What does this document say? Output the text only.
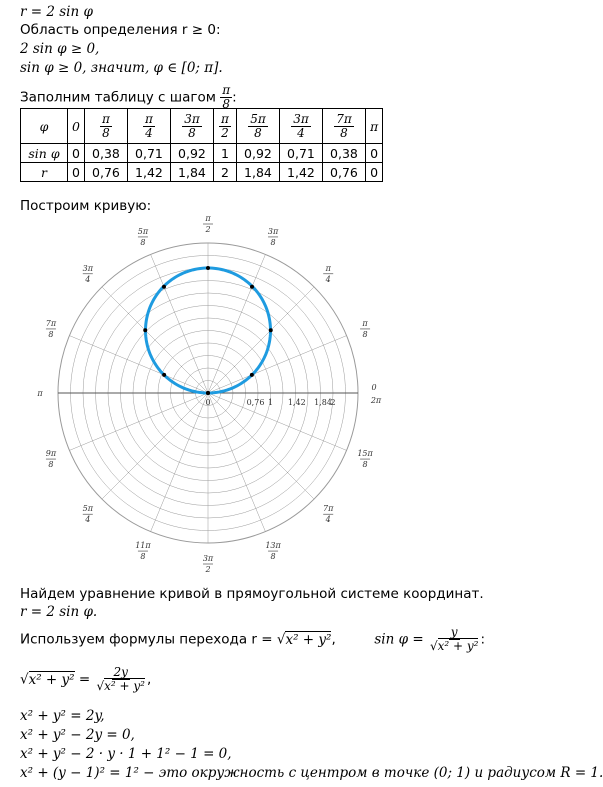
r = 2 sin φ
Область определения r ≥ 0:
2 sin φ ≥ 0,
sin φ ≥ 0, значит, φ ∈ [0; π].
Заполним таблицу с шагом $\frac{\pi}{8}$ :
φ	0	$\frac{\pi}{8}$	$\frac{\pi}{4}$	$\frac{3\pi}{8}$	$\frac{\pi}{2}$	$\frac{5\pi}{8}$	$\frac{3\pi}{4}$	$\frac{7\pi}{8}$	π
sin φ	0	0,38	0,71	0,92	1	0,92	0,71	0,38	0
r	0	0,76	1,42	1,84	2	1,84	1,42	0,76	0
Построим кривую:
0
2π
π
8
π
4
3π
8
π
2
5π
8
3π
4
7π
8
π
9π
8
5π
4
11π
8	3π
2
13π
8
7π
4
15π
8
0	0,76 1 1,42 1,84
2
Найдем уравнение кривой в прямоугольной системе координат.
r = 2 sin φ.
Используем формулы перехода r = √x² + y²,	$\sin \varphi = \frac{y}{\text{√x² + y²}}$ :
$√x^2 + y^2 = \frac{2y}{\text{√x² + y²}}$ ,
x² + y² = 2y,
x² + y² − 2y = 0,
x² + y² − 2 · y · 1 + 1² − 1 = 0,
x² + (y − 1)² = 1² − это окружность с центром в точке (0; 1) и радиусом R = 1.
